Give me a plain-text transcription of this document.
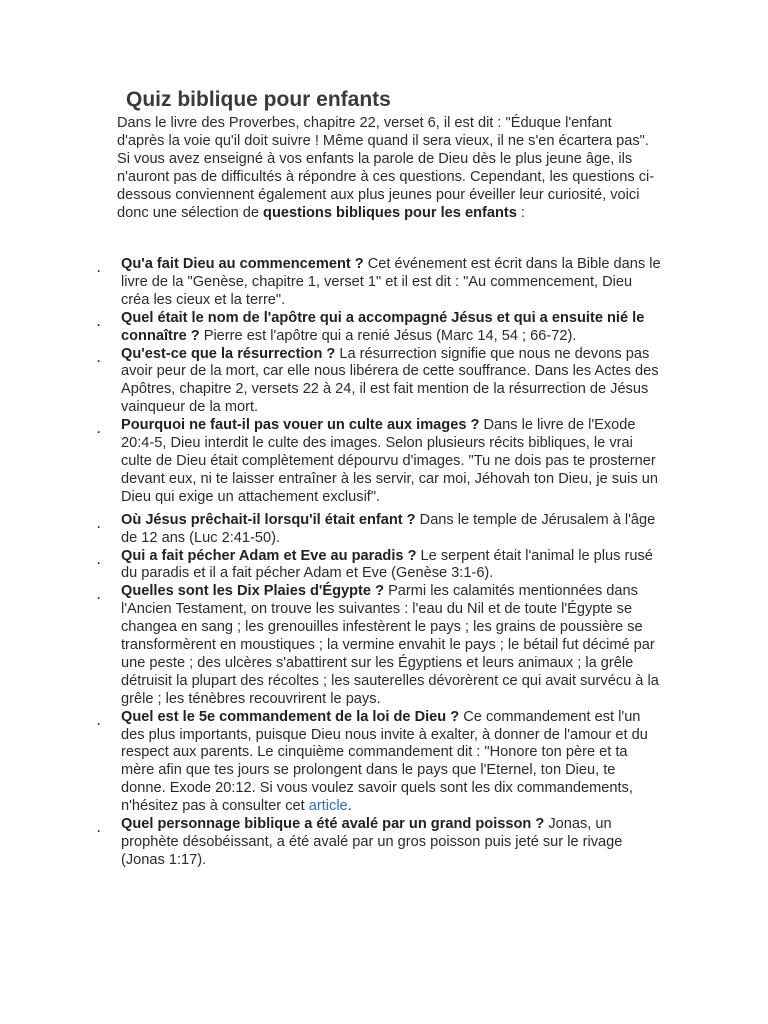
Quiz biblique pour enfants

Dans le livre des Proverbes, chapitre 22, verset 6, il est dit : "Éduque l'enfant d'après la voie qu'il doit suivre ! Même quand il sera vieux, il ne s'en écartera pas". Si vous avez enseigné à vos enfants la parole de Dieu dès le plus jeune âge, ils n'auront pas de difficultés à répondre à ces questions. Cependant, les questions ci-dessous conviennent également aux plus jeunes pour éveiller leur curiosité, voici donc une sélection de questions bibliques pour les enfants :

. Qu'a fait Dieu au commencement ? Cet événement est écrit dans la Bible dans le livre de la "Genèse, chapitre 1, verset 1" et il est dit : "Au commencement, Dieu créa les cieux et la terre".
. Quel était le nom de l'apôtre qui a accompagné Jésus et qui a ensuite nié le connaître ? Pierre est l'apôtre qui a renié Jésus (Marc 14, 54 ; 66-72).
. Qu'est-ce que la résurrection ? La résurrection signifie que nous ne devons pas avoir peur de la mort, car elle nous libérera de cette souffrance. Dans les Actes des Apôtres, chapitre 2, versets 22 à 24, il est fait mention de la résurrection de Jésus vainqueur de la mort.
. Pourquoi ne faut-il pas vouer un culte aux images ? Dans le livre de l'Exode 20:4-5, Dieu interdit le culte des images. Selon plusieurs récits bibliques, le vrai culte de Dieu était complètement dépourvu d'images. "Tu ne dois pas te prosterner devant eux, ni te laisser entraîner à les servir, car moi, Jéhovah ton Dieu, je suis un Dieu qui exige un attachement exclusif".
. Où Jésus prêchait-il lorsqu'il était enfant ? Dans le temple de Jérusalem à l'âge de 12 ans (Luc 2:41-50).
. Qui a fait pécher Adam et Eve au paradis ? Le serpent était l'animal le plus rusé du paradis et il a fait pécher Adam et Eve (Genèse 3:1-6).
. Quelles sont les Dix Plaies d'Égypte ? Parmi les calamités mentionnées dans l'Ancien Testament, on trouve les suivantes : l'eau du Nil et de toute l'Égypte se changea en sang ; les grenouilles infestèrent le pays ; les grains de poussière se transformèrent en moustiques ; la vermine envahit le pays ; le bétail fut décimé par une peste ; des ulcères s'abattirent sur les Égyptiens et leurs animaux ; la grêle détruisit la plupart des récoltes ; les sauterelles dévorèrent ce qui avait survécu à la grêle ; les ténèbres recouvrirent le pays.
. Quel est le 5e commandement de la loi de Dieu ? Ce commandement est l'un des plus importants, puisque Dieu nous invite à exalter, à donner de l'amour et du respect aux parents. Le cinquième commandement dit : "Honore ton père et ta mère afin que tes jours se prolongent dans le pays que l'Eternel, ton Dieu, te donne. Exode 20:12. Si vous voulez savoir quels sont les dix commandements, n'hésitez pas à consulter cet article.
. Quel personnage biblique a été avalé par un grand poisson ? Jonas, un prophète désobéissant, a été avalé par un gros poisson puis jeté sur le rivage (Jonas 1:17).
